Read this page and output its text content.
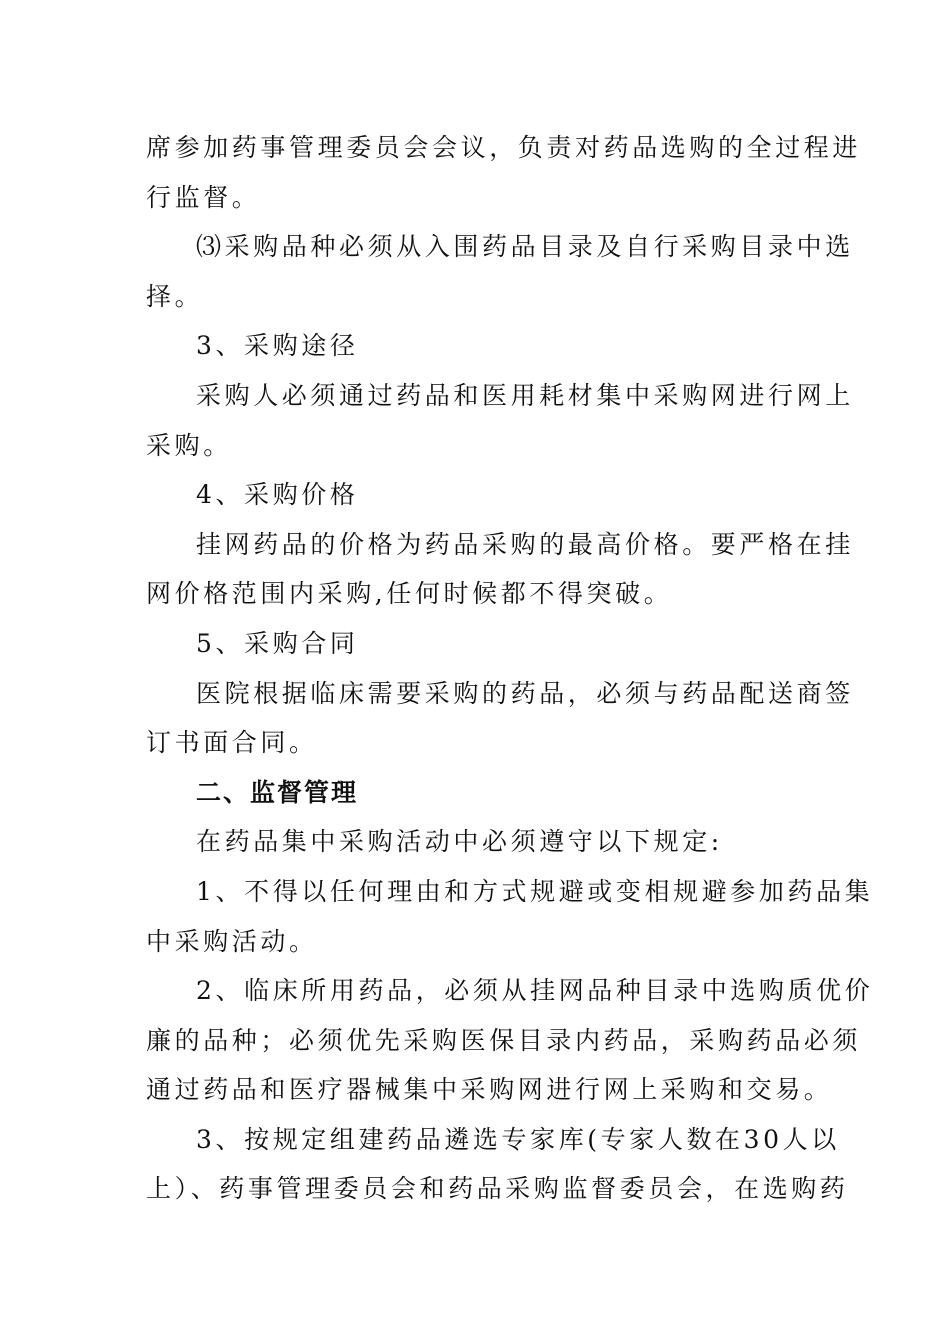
席参加药事管理委员会会议，负责对药品选购的全过程进
行监督。
⑶采购品种必须从入围药品目录及自行采购目录中选
择。
3、采购途径
采购人必须通过药品和医用耗材集中采购网进行网上
采购。
4、采购价格
挂网药品的价格为药品采购的最高价格。要严格在挂
网价格范围内采购,任何时候都不得突破。
5、采购合同
医院根据临床需要采购的药品，必须与药品配送商签
订书面合同。
二、监督管理
在药品集中采购活动中必须遵守以下规定:
1、不得以任何理由和方式规避或变相规避参加药品集
中采购活动。
2、临床所用药品，必须从挂网品种目录中选购质优价
廉的品种；必须优先采购医保目录内药品，采购药品必须
通过药品和医疗器械集中采购网进行网上采购和交易。
3、按规定组建药品遴选专家库(专家人数在30人以
上）、药事管理委员会和药品采购监督委员会，在选购药
